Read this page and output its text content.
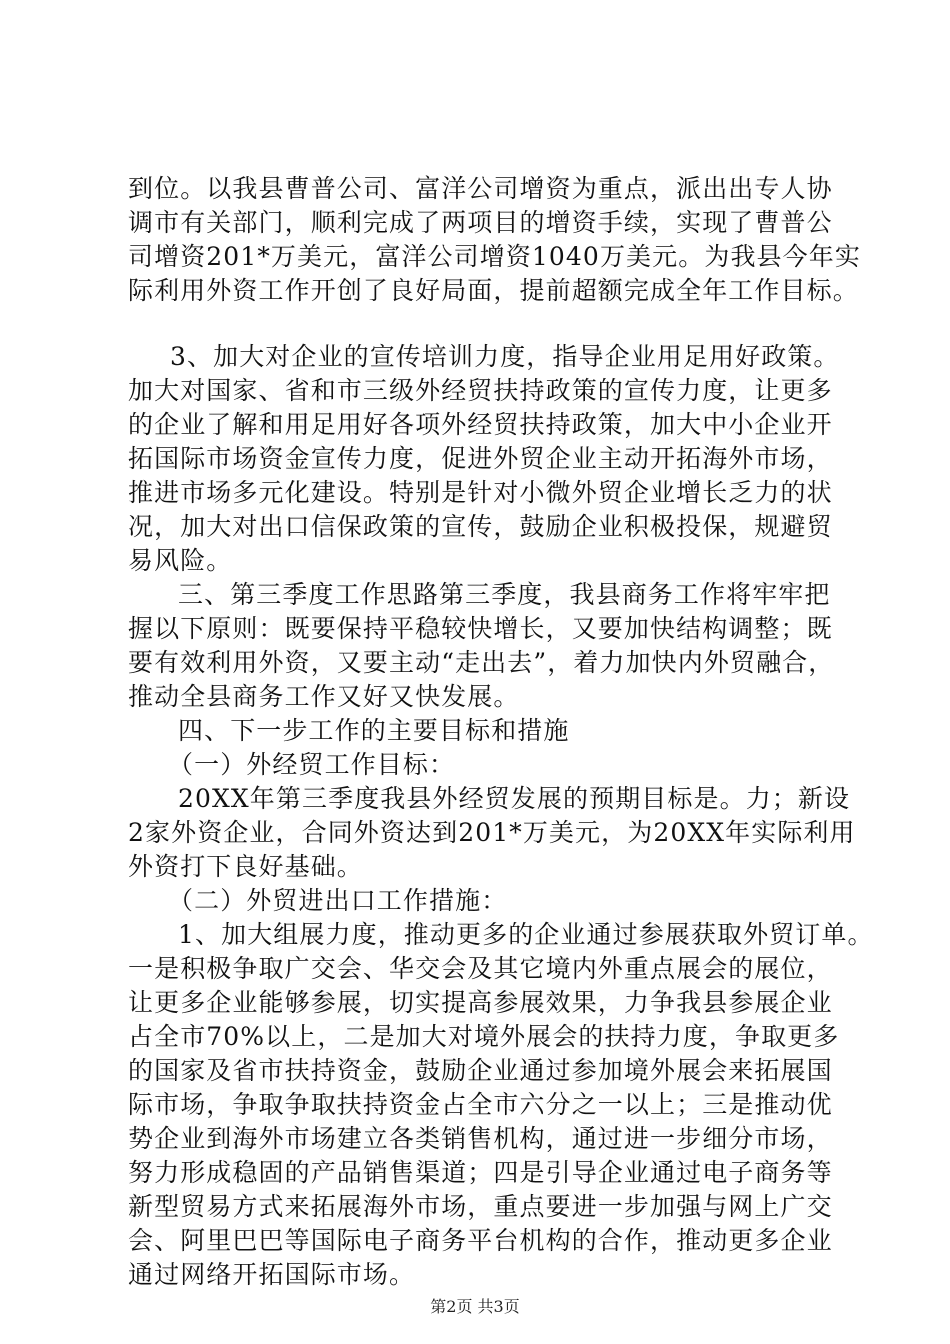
到位。以我县曹普公司、富洋公司增资为重点，派出出专人协
调市有关部门，顺利完成了两项目的增资手续，实现了曹普公
司增资201*万美元，富洋公司增资1040万美元。为我县今年实
际利用外资工作开创了良好局面，提前超额完成全年工作目标。
3、加大对企业的宣传培训力度，指导企业用足用好政策。
加大对国家、省和市三级外经贸扶持政策的宣传力度，让更多
的企业了解和用足用好各项外经贸扶持政策，加大中小企业开
拓国际市场资金宣传力度，促进外贸企业主动开拓海外市场，
推进市场多元化建设。特别是针对小微外贸企业增长乏力的状
况，加大对出口信保政策的宣传，鼓励企业积极投保，规避贸
易风险。
三、第三季度工作思路第三季度，我县商务工作将牢牢把
握以下原则：既要保持平稳较快增长，又要加快结构调整；既
要有效利用外资，又要主动“走出去”，着力加快内外贸融合，
推动全县商务工作又好又快发展。
四、下一步工作的主要目标和措施
（一）外经贸工作目标：
20XX年第三季度我县外经贸发展的预期目标是。力；新设
2家外资企业，合同外资达到201*万美元，为20XX年实际利用
外资打下良好基础。
（二）外贸进出口工作措施：
1、加大组展力度，推动更多的企业通过参展获取外贸订单。
一是积极争取广交会、华交会及其它境内外重点展会的展位，
让更多企业能够参展，切实提高参展效果，力争我县参展企业
占全市70%以上，二是加大对境外展会的扶持力度，争取更多
的国家及省市扶持资金，鼓励企业通过参加境外展会来拓展国
际市场，争取争取扶持资金占全市六分之一以上；三是推动优
势企业到海外市场建立各类销售机构，通过进一步细分市场，
努力形成稳固的产品销售渠道；四是引导企业通过电子商务等
新型贸易方式来拓展海外市场，重点要进一步加强与网上广交
会、阿里巴巴等国际电子商务平台机构的合作，推动更多企业
通过网络开拓国际市场。
第2页 共3页
